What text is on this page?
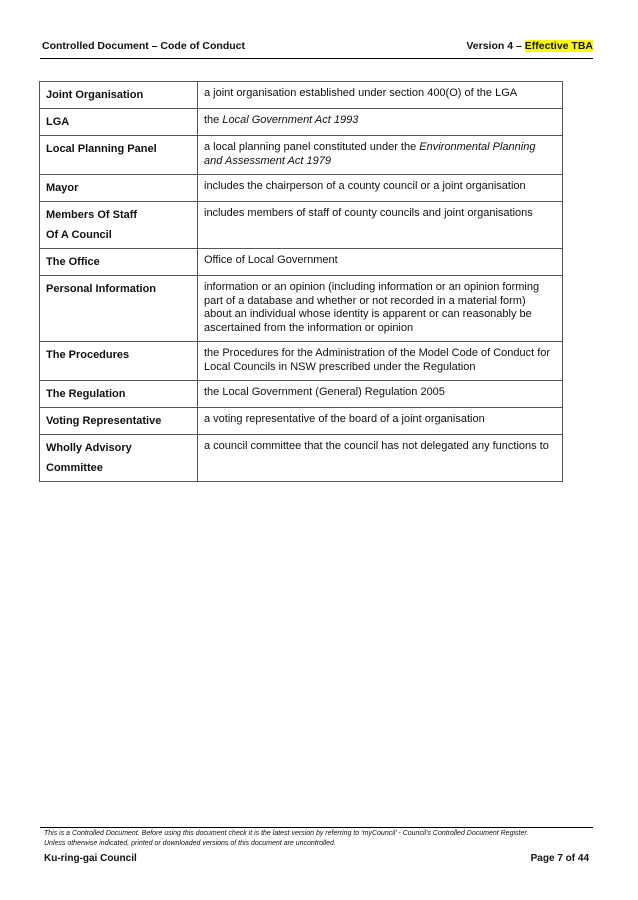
Controlled Document – Code of Conduct	Version 4 – Effective TBA
Joint Organisation	a joint organisation established under section 400(O) of the LGA
LGA	the Local Government Act 1993
Local Planning Panel	a local planning panel constituted under the Environmental Planning and Assessment Act 1979
Mayor	includes the chairperson of a county council or a joint organisation

Members Of Staff
Of A Council	includes members of staff of county councils and joint organisations
The Office	Office of Local Government
Personal Information	information or an opinion (including information or an opinion forming part of a database and whether or not recorded in a material form) about an individual whose identity is apparent or can reasonably be ascertained from the information or opinion
The Procedures	the Procedures for the Administration of the Model Code of Conduct for Local Councils in NSW prescribed under the Regulation
The Regulation	the Local Government (General) Regulation 2005
Voting Representative	a voting representative of the board of a joint organisation

Wholly Advisory
Committee	a council committee that the council has not delegated any functions to
This is a Controlled Document. Before using this document check it is the latest version by referring to ‘myCouncil’ - Council’s Controlled Document Register.
Unless otherwise indicated, printed or downloaded versions of this document are uncontrolled.
Ku-ring-gai Council	Page 7 of 44
